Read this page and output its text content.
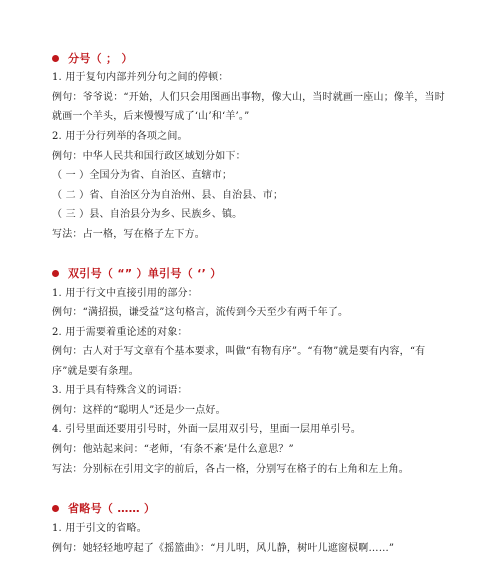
分号（ ； ）
1. 用于复句内部并列分句之间的停顿：
例句：爷爷说：“开始，人们只会用图画出事物，像大山，当时就画一座山；像羊，当时
就画一个羊头，后来慢慢写成了‘山’和‘羊’。”
2. 用于分行列举的各项之间。
例句：中华人民共和国行政区域划分如下：
（ 一 ）全国分为省、自治区、直辖市；
（ 二 ）省、自治区分为自治州、县、自治县、市；
（ 三 ）县、自治县分为乡、民族乡、镇。
写法：占一格，写在格子左下方。
双引号（ “” ）单引号（ ‘’ ）
1. 用于行文中直接引用的部分：
例句：“满招损，谦受益”这句格言，流传到今天至少有两千年了。
2. 用于需要着重论述的对象：
例句：古人对于写文章有个基本要求，叫做“有物有序”。“有物”就是要有内容，“有
序”就是要有条理。
3. 用于具有特殊含义的词语：
例句：这样的“聪明人”还是少一点好。
4. 引号里面还要用引号时，外面一层用双引号，里面一层用单引号。
例句：他站起来问：“老师，‘有条不紊’是什么意思？”
写法：分别标在引用文字的前后，各占一格，分别写在格子的右上角和左上角。
省略号（ …… ）
1. 用于引文的省略。
例句：她轻轻地哼起了《摇篮曲》：“月儿明，风儿静，树叶儿遮窗棂啊……”
